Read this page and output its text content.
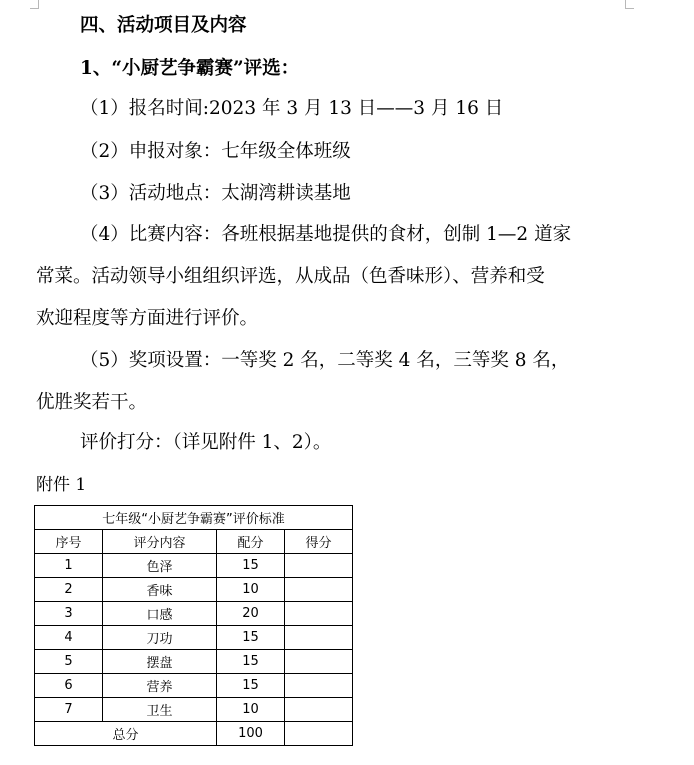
四、活动项目及内容
1、“小厨艺争霸赛”评选：
（1）报名时间:2023 年 3 月 13 日——3 月 16 日
（2）申报对象：七年级全体班级
（3）活动地点：太湖湾耕读基地
（4）比赛内容：各班根据基地提供的食材，创制 1—2 道家
常菜。活动领导小组组织评选，从成品（色香味形）、营养和受
欢迎程度等方面进行评价。
（5）奖项设置：一等奖 2 名，二等奖 4 名，三等奖 8 名，
优胜奖若干。
评价打分：（详见附件 1、2）。
附件 1
七年级“小厨艺争霸赛”评价标准			
序号	评分内容	配分	得分
1	色泽	15	
2	香味	10	
3	口感	20	
4	刀功	15	
5	摆盘	15	
6	营养	15	
7	卫生	10	
总分		100	
